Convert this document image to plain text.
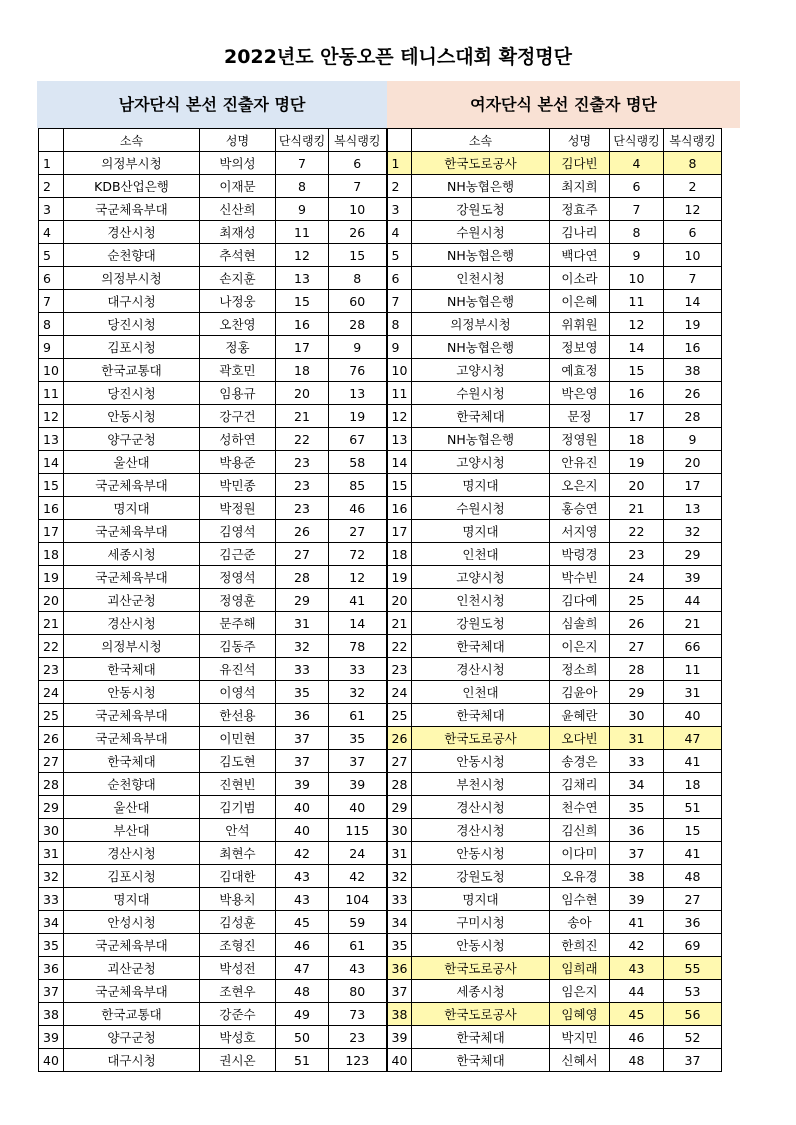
2022년도 안동오픈 테니스대회 확정명단
남자단식 본선 진출자 명단	여자단식 본선 진출자 명단
	소속	성명	단식랭킹	복식랭킹		소속	성명	단식랭킹	복식랭킹
1	의정부시청	박의성	7	6	1	한국도로공사	김다빈	4	8
2	KDB산업은행	이재문	8	7	2	NH농협은행	최지희	6	2
3	국군체육부대	신산희	9	10	3	강원도청	정효주	7	12
4	경산시청	최재성	11	26	4	수원시청	김나리	8	6
5	순천향대	추석현	12	15	5	NH농협은행	백다연	9	10
6	의정부시청	손지훈	13	8	6	인천시청	이소라	10	7
7	대구시청	나정웅	15	60	7	NH농협은행	이은혜	11	14
8	당진시청	오찬영	16	28	8	의정부시청	위휘원	12	19
9	김포시청	정홍	17	9	9	NH농협은행	정보영	14	16
10	한국교통대	곽호민	18	76	10	고양시청	예효정	15	38
11	당진시청	임용규	20	13	11	수원시청	박은영	16	26
12	안동시청	강구건	21	19	12	한국체대	문정	17	28
13	양구군청	성하연	22	67	13	NH농협은행	정영원	18	9
14	울산대	박용준	23	58	14	고양시청	안유진	19	20
15	국군체육부대	박민종	23	85	15	명지대	오은지	20	17
16	명지대	박정원	23	46	16	수원시청	홍승연	21	13
17	국군체육부대	김영석	26	27	17	명지대	서지영	22	32
18	세종시청	김근준	27	72	18	인천대	박령경	23	29
19	국군체육부대	정영석	28	12	19	고양시청	박수빈	24	39
20	괴산군청	정영훈	29	41	20	인천시청	김다예	25	44
21	경산시청	문주해	31	14	21	강원도청	심솔희	26	21
22	의정부시청	김동주	32	78	22	한국체대	이은지	27	66
23	한국체대	유진석	33	33	23	경산시청	정소희	28	11
24	안동시청	이영석	35	32	24	인천대	김윤아	29	31
25	국군체육부대	한선용	36	61	25	한국체대	윤혜란	30	40
26	국군체육부대	이민현	37	35	26	한국도로공사	오다빈	31	47
27	한국체대	김도현	37	37	27	안동시청	송경은	33	41
28	순천향대	진현빈	39	39	28	부천시청	김채리	34	18
29	울산대	김기범	40	40	29	경산시청	천수연	35	51
30	부산대	안석	40	115	30	경산시청	김신희	36	15
31	경산시청	최현수	42	24	31	안동시청	이다미	37	41
32	김포시청	김대한	43	42	32	강원도청	오유경	38	48
33	명지대	박용치	43	104	33	명지대	임수현	39	27
34	안성시청	김성훈	45	59	34	구미시청	송아	41	36
35	국군체육부대	조형진	46	61	35	안동시청	한희진	42	69
36	괴산군청	박성전	47	43	36	한국도로공사	임희래	43	55
37	국군체육부대	조현우	48	80	37	세종시청	임은지	44	53
38	한국교통대	강준수	49	73	38	한국도로공사	임혜영	45	56
39	양구군청	박성호	50	23	39	한국체대	박지민	46	52
40	대구시청	권시온	51	123	40	한국체대	신혜서	48	37
